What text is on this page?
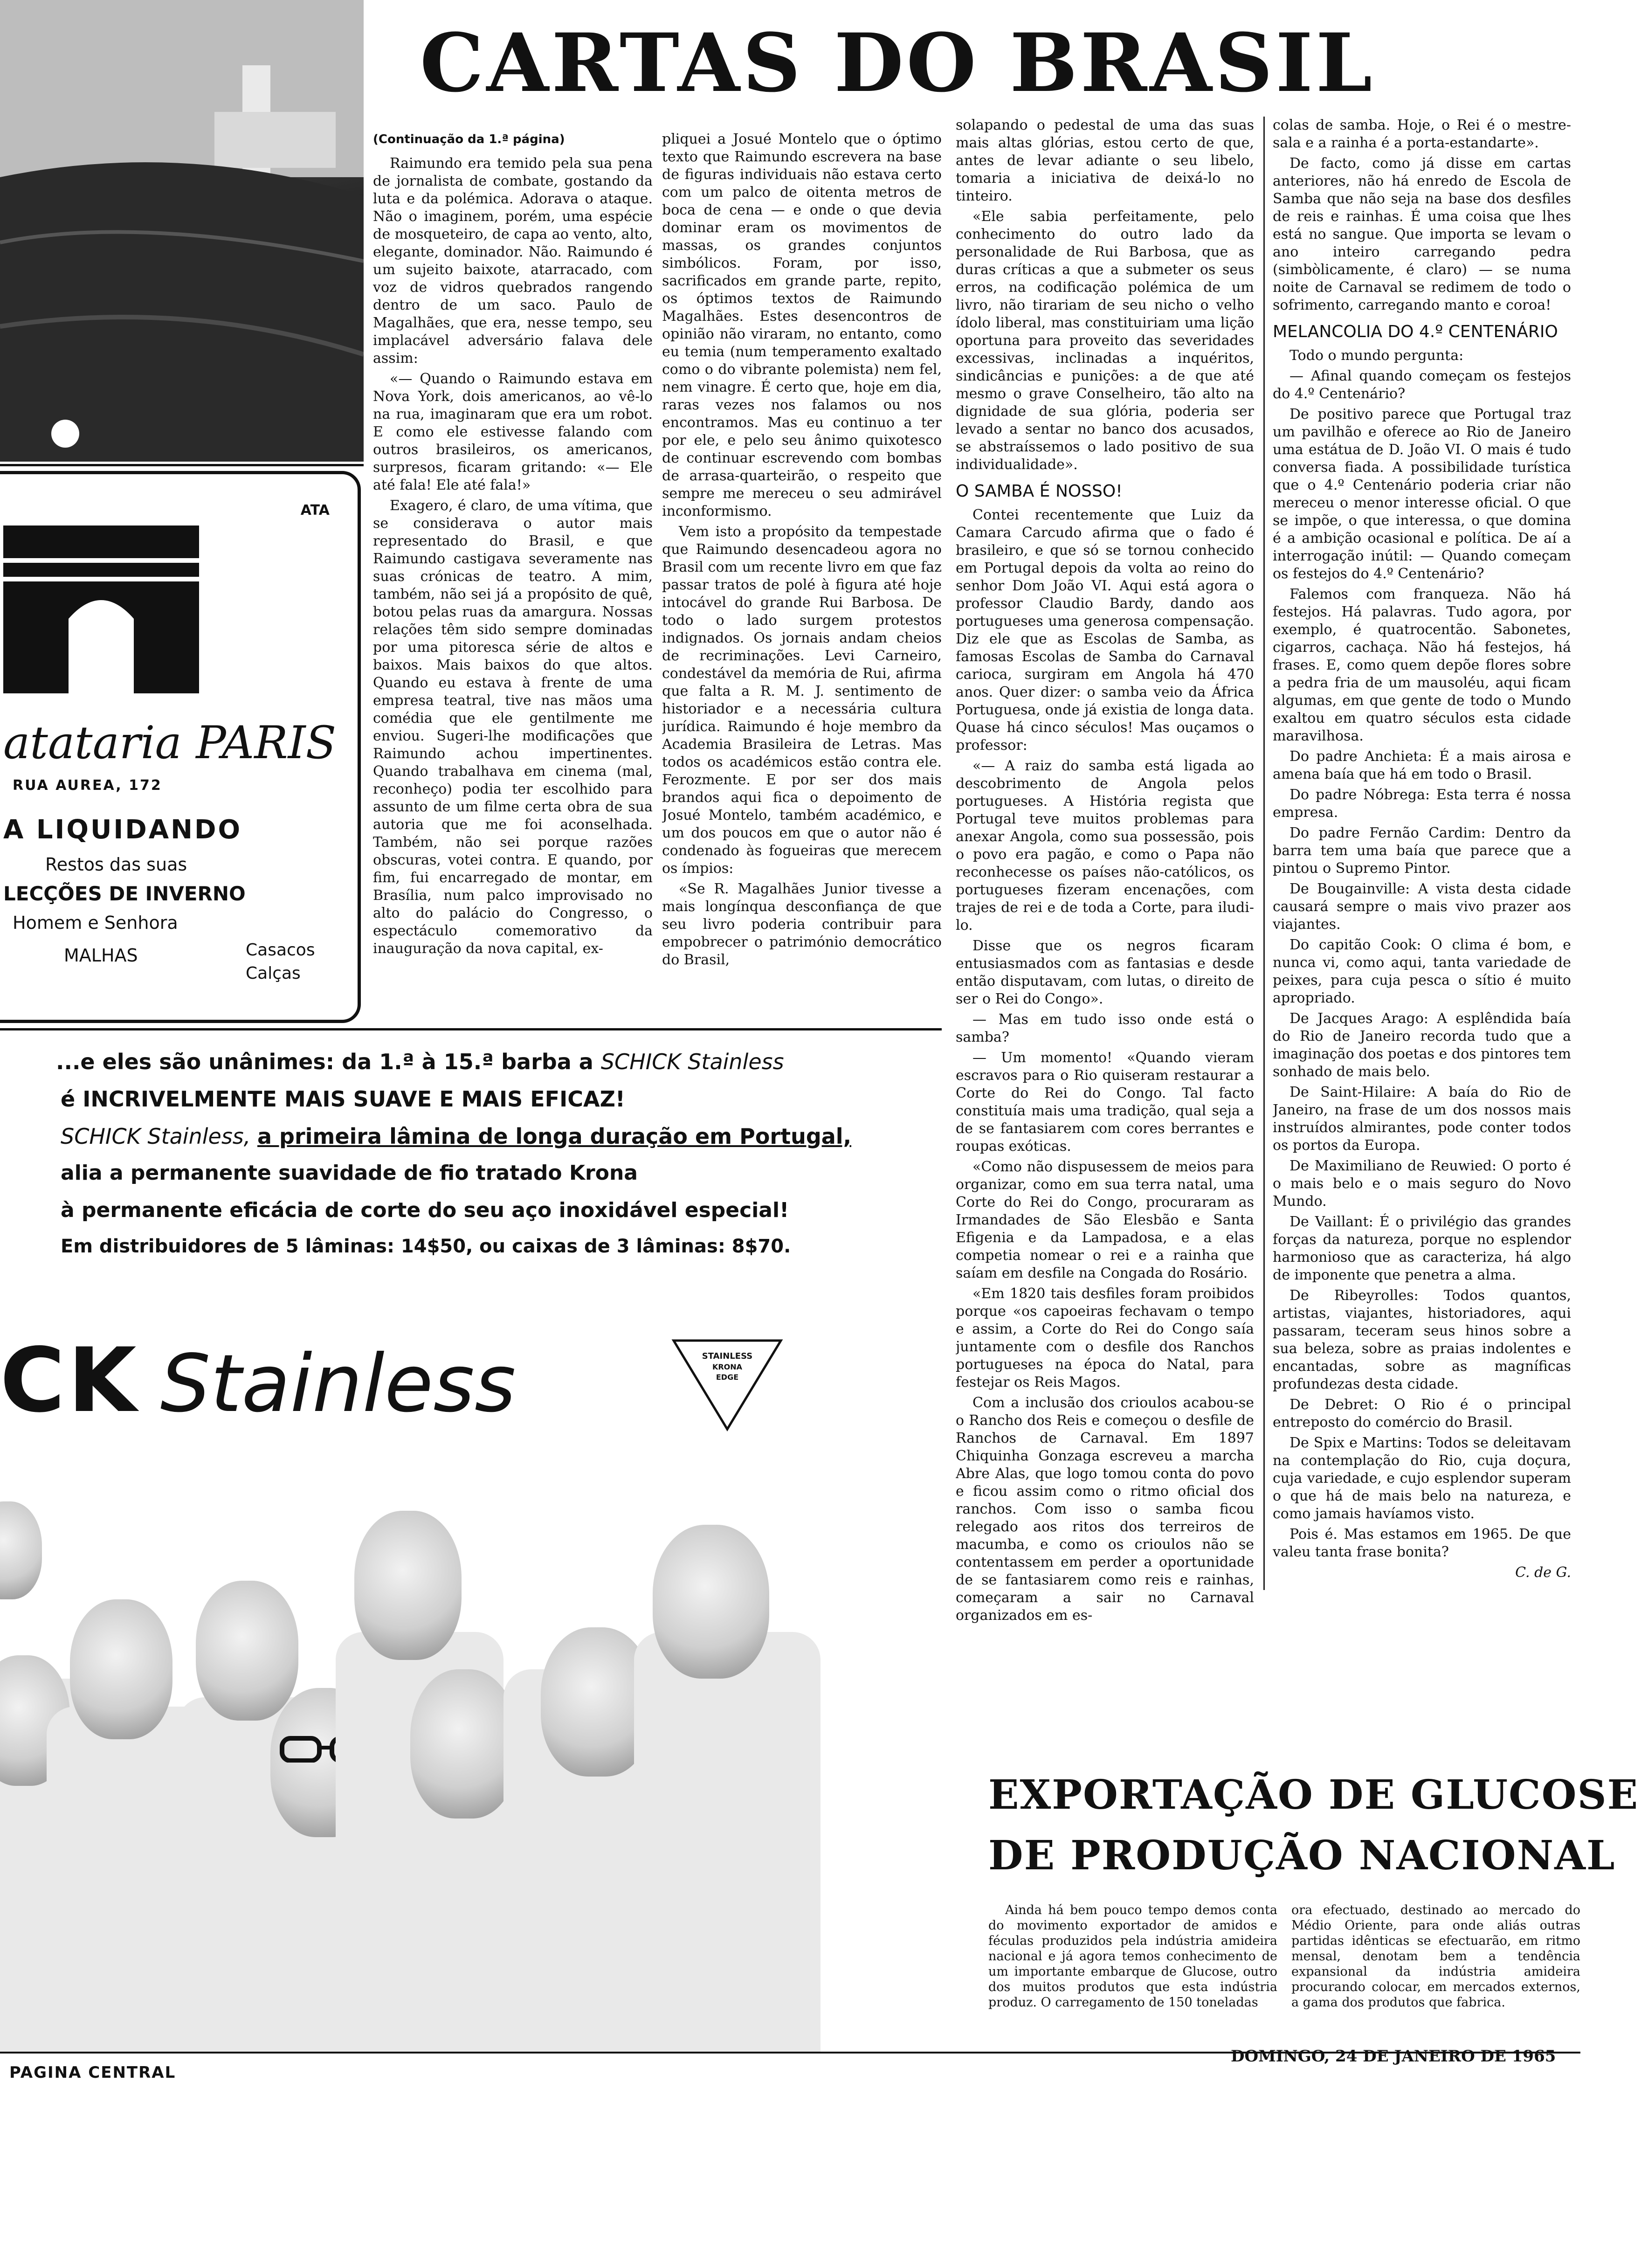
CARTAS DO BRASIL
(Continuação da 1.ª página)

Raimundo era temido pela sua pena de jornalista de combate, gostando da luta e da polémica. Adorava o ataque. Não o imaginem, porém, uma espécie de mosqueteiro, de capa ao vento, alto, elegante, dominador. Não. Raimundo é um sujeito baixote, atarracado, com voz de vidros quebrados rangendo dentro de um saco. Paulo de Magalhães, que era, nesse tempo, seu implacável adversário falava dele assim:

«— Quando o Raimundo estava em Nova York, dois americanos, ao vê-lo na rua, imaginaram que era um robot. E como ele estivesse falando com outros brasileiros, os americanos, surpresos, ficaram gritando: «— Ele até fala! Ele até fala!»

Exagero, é claro, de uma vítima, que se considerava o autor mais representado do Brasil, e que Raimundo castigava severamente nas suas crónicas de teatro. A mim, também, não sei já a propósito de quê, botou pelas ruas da amargura. Nossas relações têm sido sempre dominadas por uma pitoresca série de altos e baixos. Mais baixos do que altos. Quando eu estava à frente de uma empresa teatral, tive nas mãos uma comédia que ele gentilmente me enviou. Sugeri-lhe modificações que Raimundo achou impertinentes. Quando trabalhava em cinema (mal, reconheço) podia ter escolhido para assunto de um filme certa obra de sua autoria que me foi aconselhada. Também, não sei porque razões obscuras, votei contra. E quando, por fim, fui encarregado de montar, em Brasília, num palco improvisado no alto do palácio do Congresso, o espectáculo comemorativo da inauguração da nova capital, ex-

pliquei a Josué Montelo que o óptimo texto que Raimundo escrevera na base de figuras individuais não estava certo com um palco de oitenta metros de boca de cena — e onde o que devia dominar eram os movimentos de massas, os grandes conjuntos simbólicos. Foram, por isso, sacrificados em grande parte, repito, os óptimos textos de Raimundo Magalhães. Estes desencontros de opinião não viraram, no entanto, como eu temia (num temperamento exaltado como o do vibrante polemista) nem fel, nem vinagre. É certo que, hoje em dia, raras vezes nos falamos ou nos encontramos. Mas eu continuo a ter por ele, e pelo seu ânimo quixotesco de continuar escrevendo com bombas de arrasa-quarteirão, o respeito que sempre me mereceu o seu admirável inconformismo.

Vem isto a propósito da tempestade que Raimundo desencadeou agora no Brasil com um recente livro em que faz passar tratos de polé à figura até hoje intocável do grande Rui Barbosa. De todo o lado surgem protestos indignados. Os jornais andam cheios de recriminações. Levi Carneiro, condestável da memória de Rui, afirma que falta a R. M. J. sentimento de historiador e a necessária cultura jurídica. Raimundo é hoje membro da Academia Brasileira de Letras. Mas todos os académicos estão contra ele. Ferozmente. E por ser dos mais brandos aqui fica o depoimento de Josué Montelo, também académico, e um dos poucos em que o autor não é condenado às fogueiras que merecem os ímpios:

«Se R. Magalhães Junior tivesse a mais longínqua desconfiança de que seu livro poderia contribuir para empobrecer o património democrático do Brasil,

solapando o pedestal de uma das suas mais altas glórias, estou certo de que, antes de levar adiante o seu libelo, tomaria a iniciativa de deixá-lo no tinteiro.

«Ele sabia perfeitamente, pelo conhecimento do outro lado da personalidade de Rui Barbosa, que as duras críticas a que a submeter os seus erros, na codificação polémica de um livro, não tirariam de seu nicho o velho ídolo liberal, mas constituiriam uma lição oportuna para proveito das severidades excessivas, inclinadas a inquéritos, sindicâncias e punições: a de que até mesmo o grave Conselheiro, tão alto na dignidade de sua glória, poderia ser levado a sentar no banco dos acusados, se abstraíssemos o lado positivo de sua individualidade».

O SAMBA É NOSSO!

Contei recentemente que Luiz da Camara Carcudo afirma que o fado é brasileiro, e que só se tornou conhecido em Portugal depois da volta ao reino do senhor Dom João VI. Aqui está agora o professor Claudio Bardy, dando aos portugueses uma generosa compensação. Diz ele que as Escolas de Samba, as famosas Escolas de Samba do Carnaval carioca, surgiram em Angola há 470 anos. Quer dizer: o samba veio da África Portuguesa, onde já existia de longa data. Quase há cinco séculos! Mas ouçamos o professor:

«— A raiz do samba está ligada ao descobrimento de Angola pelos portugueses. A História regista que Portugal teve muitos problemas para anexar Angola, como sua possessão, pois o povo era pagão, e como o Papa não reconhecesse os países não-católicos, os portugueses fizeram encenações, com trajes de rei e de toda a Corte, para iludi-lo.

Disse que os negros ficaram entusiasmados com as fantasias e desde então disputavam, com lutas, o direito de ser o Rei do Congo».

— Mas em tudo isso onde está o samba?

— Um momento! «Quando vieram escravos para o Rio quiseram restaurar a Corte do Rei do Congo. Tal facto constituía mais uma tradição, qual seja a de se fantasiarem com cores berrantes e roupas exóticas.

«Como não dispusessem de meios para organizar, como em sua terra natal, uma Corte do Rei do Congo, procuraram as Irmandades de São Elesbão e Santa Efigenia e da Lampadosa, e a elas competia nomear o rei e a rainha que saíam em desfile na Congada do Rosário.

«Em 1820 tais desfiles foram proibidos porque «os capoeiras fechavam o tempo e assim, a Corte do Rei do Congo saía juntamente com o desfile dos Ranchos portugueses na época do Natal, para festejar os Reis Magos.

Com a inclusão dos crioulos acabou-se o Rancho dos Reis e começou o desfile de Ranchos de Carnaval. Em 1897 Chiquinha Gonzaga escreveu a marcha Abre Alas, que logo tomou conta do povo e ficou assim como o ritmo oficial dos ranchos. Com isso o samba ficou relegado aos ritos dos terreiros de macumba, e como os crioulos não se contentassem em perder a oportunidade de se fantasiarem como reis e rainhas, começaram a sair no Carnaval organizados em es-

colas de samba. Hoje, o Rei é o mestre-sala e a rainha é a porta-estandarte».

De facto, como já disse em cartas anteriores, não há enredo de Escola de Samba que não seja na base dos desfiles de reis e rainhas. É uma coisa que lhes está no sangue. Que importa se levam o ano inteiro carregando pedra (simbòlicamente, é claro) — se numa noite de Carnaval se redimem de todo o sofrimento, carregando manto e coroa!

MELANCOLIA DO 4.º CENTENÁRIO

Todo o mundo pergunta:

— Afinal quando começam os festejos do 4.º Centenário?

De positivo parece que Portugal traz um pavilhão e oferece ao Rio de Janeiro uma estátua de D. João VI. O mais é tudo conversa fiada. A possibilidade turística que o 4.º Centenário poderia criar não mereceu o menor interesse oficial. O que se impõe, o que interessa, o que domina é a ambição ocasional e política. De aí a interrogação inútil: — Quando começam os festejos do 4.º Centenário?

Falemos com franqueza. Não há festejos. Há palavras. Tudo agora, por exemplo, é quatrocentão. Sabonetes, cigarros, cachaça. Não há festejos, há frases. E, como quem depõe flores sobre a pedra fria de um mausoléu, aqui ficam algumas, em que gente de todo o Mundo exaltou em quatro séculos esta cidade maravilhosa.

Do padre Anchieta: É a mais airosa e amena baía que há em todo o Brasil.

Do padre Nóbrega: Esta terra é nossa empresa.

Do padre Fernão Cardim: Dentro da barra tem uma baía que parece que a pintou o Supremo Pintor.

De Bougainville: A vista desta cidade causará sempre o mais vivo prazer aos viajantes.

Do capitão Cook: O clima é bom, e nunca vi, como aqui, tanta variedade de peixes, para cuja pesca o sítio é muito apropriado.

De Jacques Arago: A esplêndida baía do Rio de Janeiro recorda tudo que a imaginação dos poetas e dos pintores tem sonhado de mais belo.

De Saint-Hilaire: A baía do Rio de Janeiro, na frase de um dos nossos mais instruídos almirantes, pode conter todos os portos da Europa.

De Maximiliano de Reuwied: O porto é o mais belo e o mais seguro do Novo Mundo.

De Vaillant: É o privilégio das grandes forças da natureza, porque no esplendor harmonioso que as caracteriza, há algo de imponente que penetra a alma.

De Ribeyrolles: Todos quantos, artistas, viajantes, historiadores, aqui passaram, teceram seus hinos sobre a sua beleza, sobre as praias indolentes e encantadas, sobre as magníficas profundezas desta cidade.

De Debret: O Rio é o principal entreposto do comércio do Brasil.

De Spix e Martins: Todos se deleitavam na contemplação do Rio, cuja doçura, cuja variedade, e cujo esplendor superam o que há de mais belo na natureza, e como jamais havíamos visto.

Pois é. Mas estamos em 1965. De que valeu tanta frase bonita?

C. de G.
ATA
atataria PARIS
RUA AUREA, 172
A LIQUIDANDO
Restos das suas
LECÇÕES DE INVERNO
Homem e Senhora
MALHAS	Casacos
Calças
...e eles são unânimes: da 1.ª à 15.ª barba a SCHICK Stainless
é INCRIVELMENTE MAIS SUAVE E MAIS EFICAZ!
SCHICK Stainless, a primeira lâmina de longa duração em Portugal,
alia a permanente suavidade de fio tratado Krona
à permanente eficácia de corte do seu aço inoxidável especial!
Em distribuidores de 5 lâminas: 14$50, ou caixas de 3 lâminas: 8$70.
CK Stainless	STAINLESS
KRONA
EDGE
EXPORTAÇÃO DE GLUCOSE
DE PRODUÇÃO NACIONAL

Ainda há bem pouco tempo demos conta do movimento exportador de amidos e féculas produzidos pela indústria amideira nacional e já agora temos conhecimento de um importante embarque de Glucose, outro dos muitos produtos que esta indústria produz. O carregamento de 150 toneladas

ora efectuado, destinado ao mercado do Médio Oriente, para onde aliás outras partidas idênticas se efectuarão, em ritmo mensal, denotam bem a tendência expansional da indústria amideira procurando colocar, em mercados externos, a gama dos produtos que fabrica.

PAGINA CENTRAL
DOMINGO, 24 DE JANEIRO DE 1965
